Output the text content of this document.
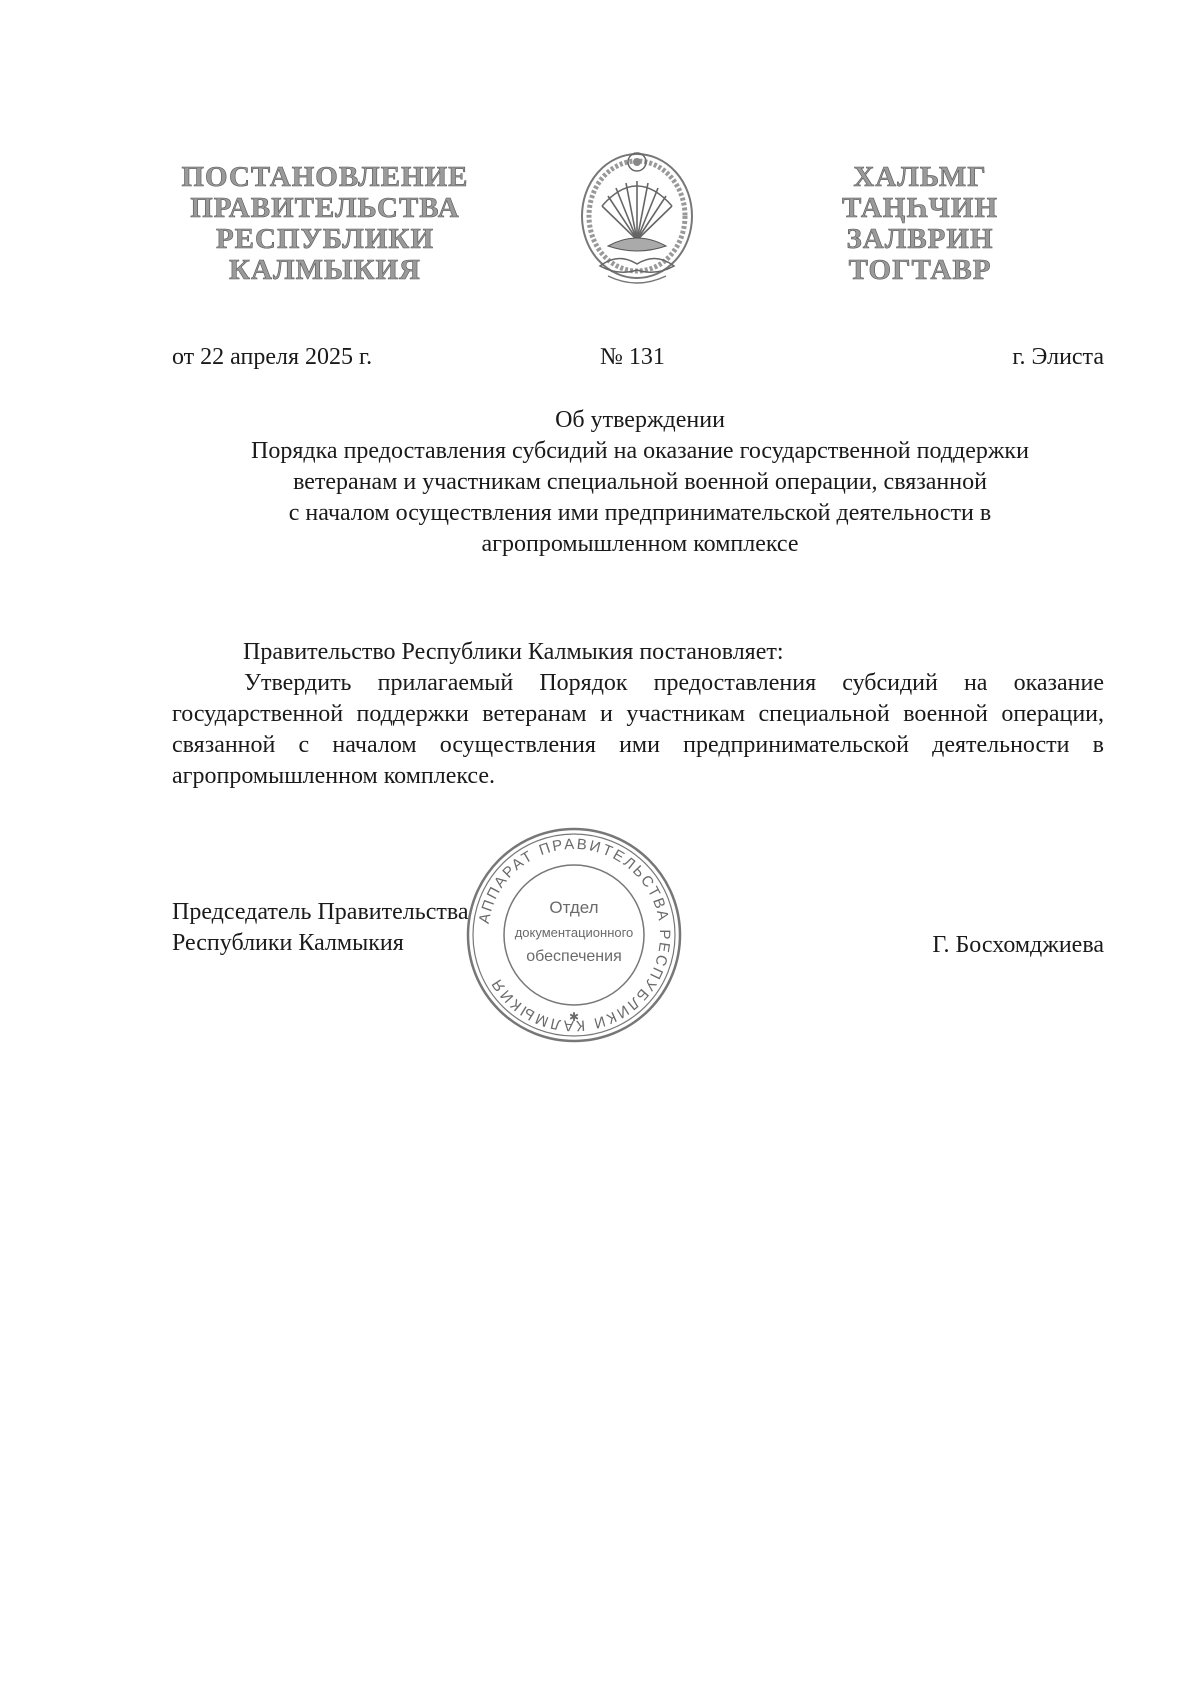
ПОСТАНОВЛЕНИЕ
ПРАВИТЕЛЬСТВА
РЕСПУБЛИКИ
КАЛМЫКИЯ
ХАЛЬМГ
ТАҢҺЧИН
ЗАЛВРИН
ТОГТАВР
от 22 апреля 2025 г.	№ 131	г. Элиста
Об утверждении
Порядка предоставления субсидий на оказание государственной поддержки
ветеранам и участникам специальной военной операции, связанной
с началом осуществления ими предпринимательской деятельности в
агропромышленном комплексе
Правительство Республики Калмыкия постановляет:
Утвердить прилагаемый Порядок предоставления субсидий на оказание государственной поддержки ветеранам и участникам специальной военной операции, связанной с началом осуществления ими предпринимательской деятельности в агропромышленном комплексе.
Председатель Правительства
Республики Калмыкия	Г. Босхомджиева
АППАРАТ ПРАВИТЕЛЬСТВА РЕСПУБЛИКИ КАЛМЫКИЯ
Отдел
документационного
обеспечения
✱
